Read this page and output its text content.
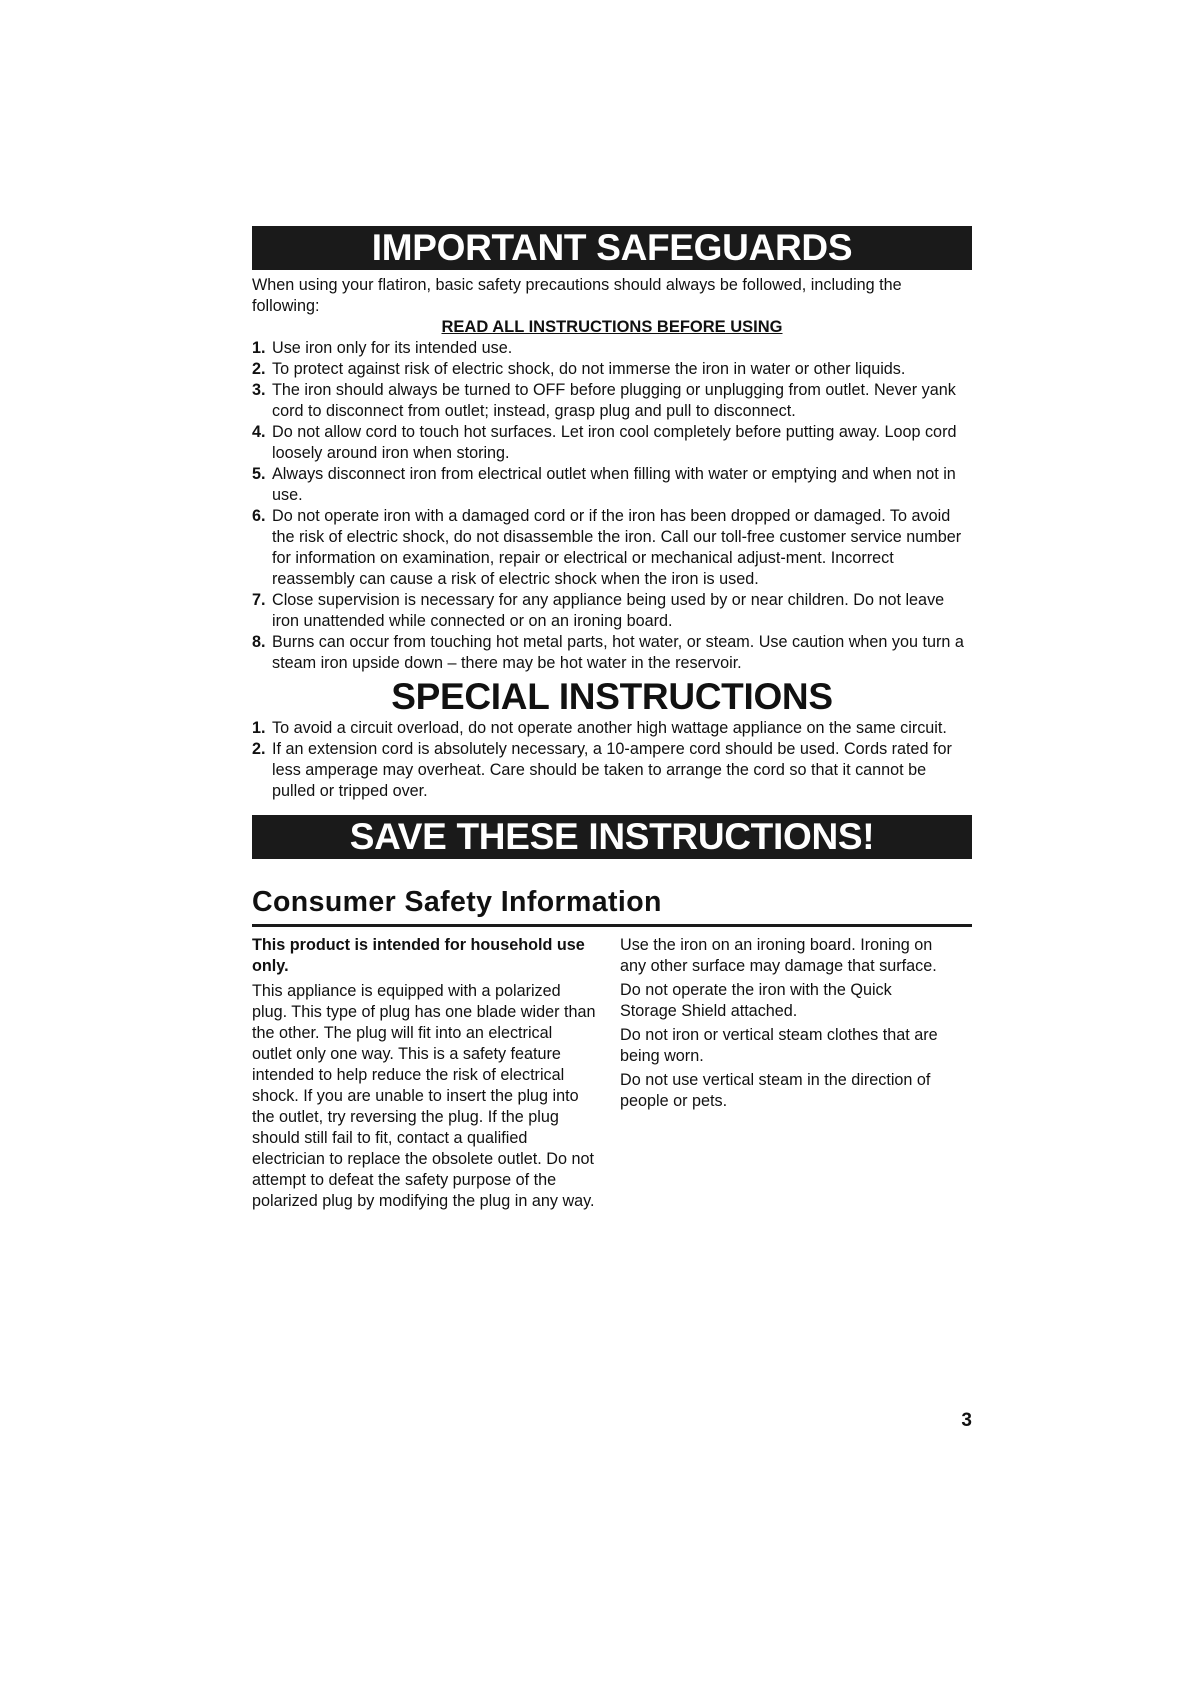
IMPORTANT SAFEGUARDS
When using your flatiron, basic safety precautions should always be followed, including the following:
READ ALL INSTRUCTIONS BEFORE USING
1. Use iron only for its intended use.
2. To protect against risk of electric shock, do not immerse the iron in water or other liquids.
3. The iron should always be turned to OFF before plugging or unplugging from outlet. Never yank cord to disconnect from outlet; instead, grasp plug and pull to disconnect.
4. Do not allow cord to touch hot surfaces. Let iron cool completely before putting away. Loop cord loosely around iron when storing.
5. Always disconnect iron from electrical outlet when filling with water or emptying and when not in use.
6. Do not operate iron with a damaged cord or if the iron has been dropped or damaged. To avoid the risk of electric shock, do not disassemble the iron. Call our toll-free customer service number for information on examination, repair or electrical or mechanical adjust-ment. Incorrect reassembly can cause a risk of electric shock when the iron is used.
7. Close supervision is necessary for any appliance being used by or near children. Do not leave iron unattended while connected or on an ironing board.
8. Burns can occur from touching hot metal parts, hot water, or steam. Use caution when you turn a steam iron upside down – there may be hot water in the reservoir.
SPECIAL INSTRUCTIONS
1. To avoid a circuit overload, do not operate another high wattage appliance on the same circuit.
2. If an extension cord is absolutely necessary, a 10-ampere cord should be used. Cords rated for less amperage may overheat. Care should be taken to arrange the cord so that it cannot be pulled or tripped over.
SAVE THESE INSTRUCTIONS!
Consumer Safety Information

This product is intended for household use only.

This appliance is equipped with a polarized plug. This type of plug has one blade wider than the other. The plug will fit into an electrical outlet only one way. This is a safety feature intended to help reduce the risk of electrical shock. If you are unable to insert the plug into the outlet, try reversing the plug. If the plug should still fail to fit, contact a qualified electrician to replace the obsolete outlet. Do not attempt to defeat the safety purpose of the polarized plug by modifying the plug in any way.

Use the iron on an ironing board. Ironing on any other surface may damage that surface.

Do not operate the iron with the Quick Storage Shield attached.

Do not iron or vertical steam clothes that are being worn.

Do not use vertical steam in the direction of people or pets.

3
